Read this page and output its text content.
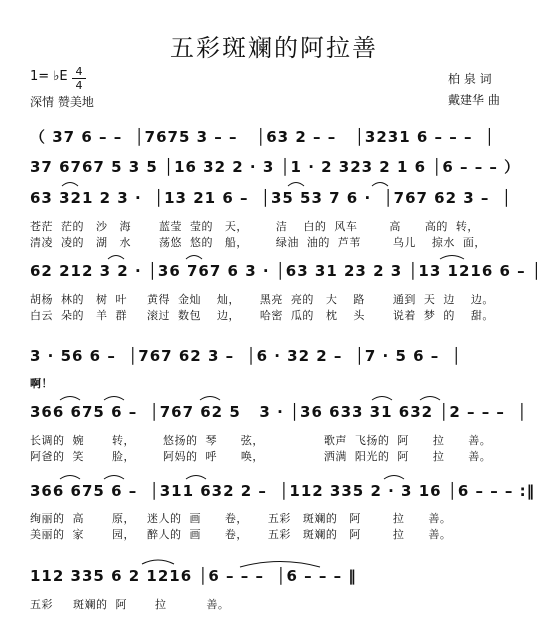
五彩斑斓的阿拉善
1= ♭E 4
4
深情 赞美地
柏 泉 词
戴建华 曲
（ 37 6 – –  │7675 3 – –   │63 2 – –   │3231 6 – – –  │
37 6767 5 3 5 │16 32 2 · 3 │1 · 2 323 2 1 6 │6 – – – ）
63 321 2 3 ·  │13 21 6 –  │35 53 7 6 ·  │767 62 3 –  │
苍茫  茫的   沙   海       蓝莹  莹的   天，       洁    白的  风车        高      高的  转，
清凌  凌的   湖   水       荡悠  悠的   船，       绿油  油的  芦苇        乌儿    掠水  面，
62 212 3 2 · │36 767 6 3 · │63 31 23 2 3 │13 1216 6 – │
胡杨  林的   树  叶     黄得  金灿    灿，     黑亮  亮的   大    路       通到  天  边    边。
白云  朵的   羊  群     滚过  数包    边，     哈密  瓜的   枕    头       说着  梦  的    甜。
3 · 56 6 –  │767 62 3 –  │6 · 32 2 –  │7 · 5 6 –  │
啊！
366 675 6 –  │767 62 5   3 · │36 633 31 632 │2 – – –  │
长调的  婉       转，       悠扬的  琴      弦，               歌声  飞扬的  阿      拉      善。
阿爸的  笑       脸，       阿妈的  呼      唤，               洒满  阳光的  阿      拉      善。
366 675 6 –  │311 632 2 –  │112 335 2 · 3 16 │6 – – – :‖
绚丽的  高       原，   迷人的  画      卷，     五彩   斑斓的   阿        拉      善。
美丽的  家       园，   醉人的  画      卷，     五彩   斑斓的   阿        拉      善。
112 335 6 2 1216 │6 – – –  │6 – – – ‖
五彩     斑斓的  阿       拉          善。
